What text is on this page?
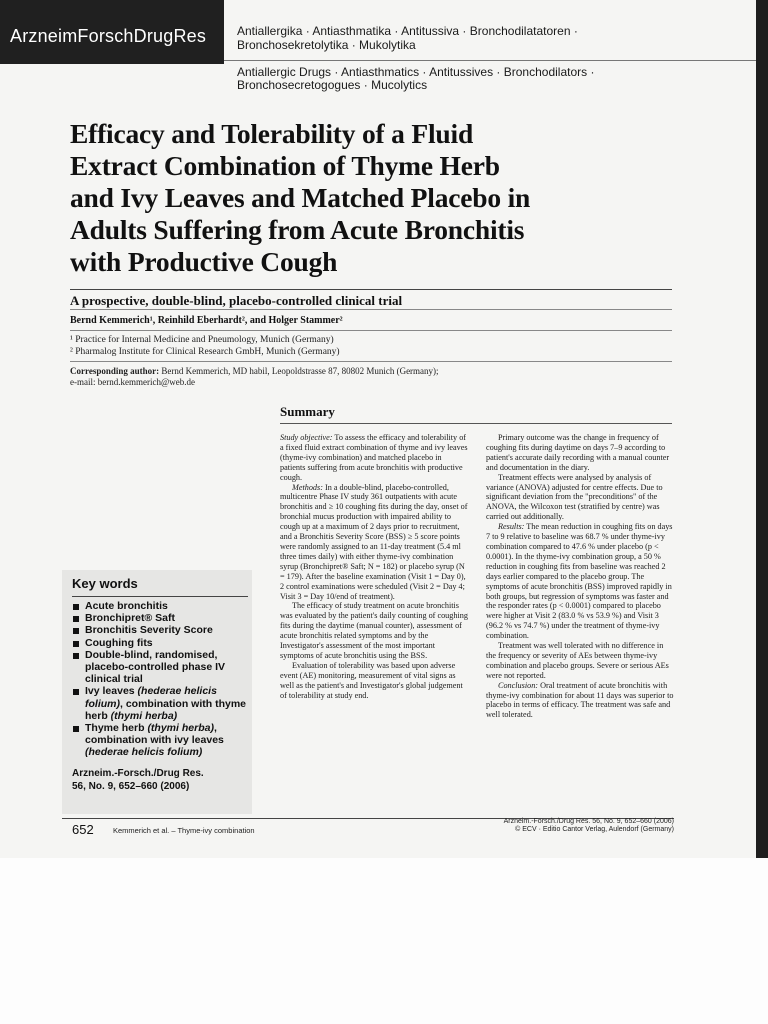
ArzneimForschDrugRes	Antiallergika · Antiasthmatika · Antitussiva · Bronchodilatatoren ·
Bronchosekretolytika · Mukolytika
Antiallergic Drugs · Antiasthmatics · Antitussives · Bronchodilators ·
Bronchosecretogogues · Mucolytics
Efficacy and Tolerability of a Fluid
Extract Combination of Thyme Herb
and Ivy Leaves and Matched Placebo in
Adults Suffering from Acute Bronchitis
with Productive Cough
A prospective, double-blind, placebo-controlled clinical trial
Bernd Kemmerich¹, Reinhild Eberhardt², and Holger Stammer²
¹ Practice for Internal Medicine and Pneumology, Munich (Germany)
² Pharmalog Institute for Clinical Research GmbH, Munich (Germany)
Corresponding author: Bernd Kemmerich, MD habil, Leopoldstrasse 87, 80802 Munich (Germany);
e-mail: bernd.kemmerich@web.de
Summary

Study objective: To assess the efficacy and tolerability of a fixed fluid extract combination of thyme and ivy leaves (thyme-ivy combination) and matched placebo in patients suffering from acute bronchitis with productive cough.

Methods: In a double-blind, placebo-controlled, multicentre Phase IV study 361 outpatients with acute bronchitis and ≥ 10 coughing fits during the day, onset of bronchial mucus production with impaired ability to cough up at a maximum of 2 days prior to recruitment, and a Bronchitis Severity Score (BSS) ≥ 5 score points were randomly assigned to an 11-day treatment (5.4 ml three times daily) with either thyme-ivy combination syrup (Bronchipret® Saft; N = 182) or placebo syrup (N = 179). After the baseline examination (Visit 1 = Day 0), 2 control examinations were scheduled (Visit 2 = Day 4; Visit 3 = Day 10/end of treatment).

The efficacy of study treatment on acute bronchitis was evaluated by the patient's daily counting of coughing fits during the daytime (manual counter), assessment of acute bronchitis related symptoms and by the Investigator's assessment of the most important symptoms of acute bronchitis using the BSS.

Evaluation of tolerability was based upon adverse event (AE) monitoring, measurement of vital signs as well as the patient's and Investigator's global judgement of tolerability at study end.

Primary outcome was the change in frequency of coughing fits during daytime on days 7–9 according to patient's accurate daily recording with a manual counter and documentation in the diary.

Treatment effects were analysed by analysis of variance (ANOVA) adjusted for centre effects. Due to significant deviation from the "preconditions" of the ANOVA, the Wilcoxon test (stratified by centre) was carried out additionally.

Results: The mean reduction in coughing fits on days 7 to 9 relative to baseline was 68.7 % under thyme-ivy combination compared to 47.6 % under placebo (p < 0.0001). In the thyme-ivy combination group, a 50 % reduction in coughing fits from baseline was reached 2 days earlier compared to the placebo group. The symptoms of acute bronchitis (BSS) improved rapidly in both groups, but regression of symptoms was faster and the responder rates (p < 0.0001) compared to placebo were higher at Visit 2 (83.0 % vs 53.9 %) and Visit 3 (96.2 % vs 74.7 %) under the treatment of thyme-ivy combination.

Treatment was well tolerated with no difference in the frequency or severity of AEs between thyme-ivy combination and placebo groups. Severe or serious AEs were not reported.

Conclusion: Oral treatment of acute bronchitis with thyme-ivy combination for about 11 days was superior to placebo in terms of efficacy. The treatment was safe and well tolerated.

Key words
Acute bronchitis
Bronchipret® Saft
Bronchitis Severity Score
Coughing fits
Double-blind, randomised, placebo-controlled phase IV clinical trial
Ivy leaves (hederae helicis folium), combination with thyme herb (thymi herba)
Thyme herb (thymi herba), combination with ivy leaves (hederae helicis folium)
Arzneim.-Forsch./Drug Res.
56, No. 9, 652–660 (2006)
652	Kemmerich et al. – Thyme-ivy combination
Arzneim.-Forsch./Drug Res. 56, No. 9, 652–660 (2006)
© ECV · Editio Cantor Verlag, Aulendorf (Germany)
